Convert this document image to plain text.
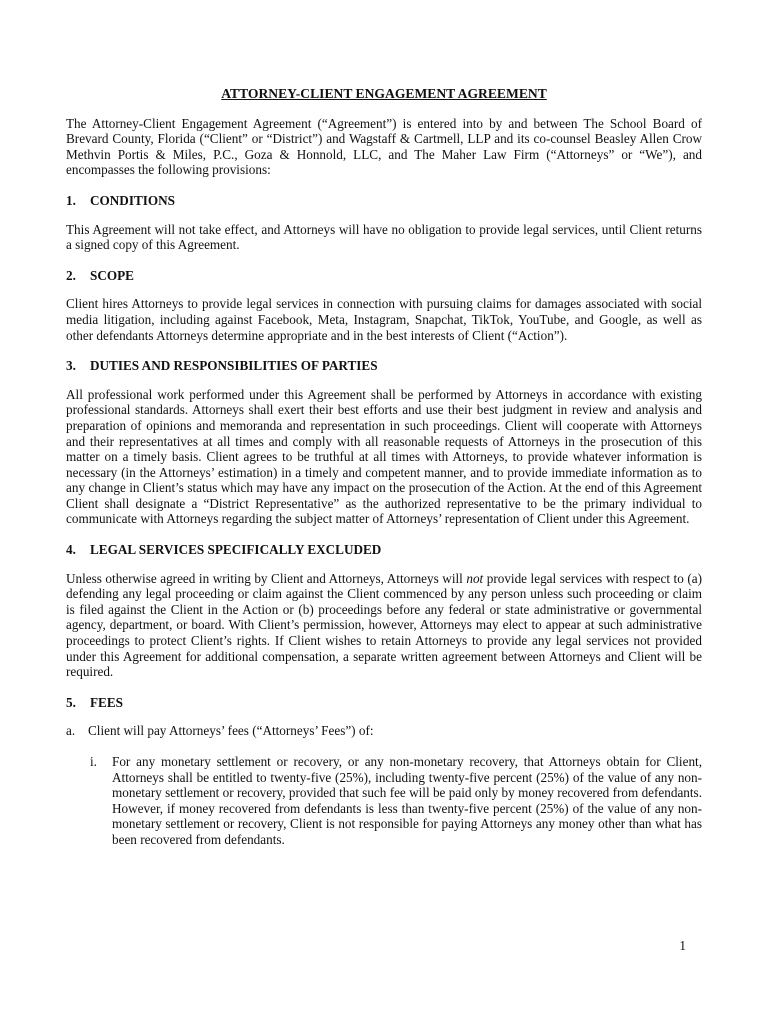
ATTORNEY-CLIENT ENGAGEMENT AGREEMENT

The Attorney-Client Engagement Agreement (“Agreement”) is entered into by and between The School Board of Brevard County, Florida (“Client” or “District”) and Wagstaff & Cartmell, LLP and its co-counsel Beasley Allen Crow Methvin Portis & Miles, P.C., Goza & Honnold, LLC, and The Maher Law Firm (“Attorneys” or “We”), and encompasses the following provisions:

1. CONDITIONS

This Agreement will not take effect, and Attorneys will have no obligation to provide legal services, until Client returns a signed copy of this Agreement.

2. SCOPE

Client hires Attorneys to provide legal services in connection with pursuing claims for damages associated with social media litigation, including against Facebook, Meta, Instagram, Snapchat, TikTok, YouTube, and Google, as well as other defendants Attorneys determine appropriate and in the best interests of Client (“Action”).

3. DUTIES AND RESPONSIBILITIES OF PARTIES

All professional work performed under this Agreement shall be performed by Attorneys in accordance with existing professional standards. Attorneys shall exert their best efforts and use their best judgment in review and analysis and preparation of opinions and memoranda and representation in such proceedings. Client will cooperate with Attorneys and their representatives at all times and comply with all reasonable requests of Attorneys in the prosecution of this matter on a timely basis. Client agrees to be truthful at all times with Attorneys, to provide whatever information is necessary (in the Attorneys’ estimation) in a timely and competent manner, and to provide immediate information as to any change in Client’s status which may have any impact on the prosecution of the Action. At the end of this Agreement Client shall designate a “District Representative” as the authorized representative to be the primary individual to communicate with Attorneys regarding the subject matter of Attorneys’ representation of Client under this Agreement.

4. LEGAL SERVICES SPECIFICALLY EXCLUDED

Unless otherwise agreed in writing by Client and Attorneys, Attorneys will not provide legal services with respect to (a) defending any legal proceeding or claim against the Client commenced by any person unless such proceeding or claim is filed against the Client in the Action or (b) proceedings before any federal or state administrative or governmental agency, department, or board. With Client’s permission, however, Attorneys may elect to appear at such administrative proceedings to protect Client’s rights. If Client wishes to retain Attorneys to provide any legal services not provided under this Agreement for additional compensation, a separate written agreement between Attorneys and Client will be required.

5. FEES
a. Client will pay Attorneys’ fees (“Attorneys’ Fees”) of:
i.	For any monetary settlement or recovery, or any non-monetary recovery, that Attorneys obtain for Client, Attorneys shall be entitled to twenty-five (25%), including twenty-five percent (25%) of the value of any non-monetary settlement or recovery, provided that such fee will be paid only by money recovered from defendants. However, if money recovered from defendants is less than twenty-five percent (25%) of the value of any non-monetary settlement or recovery, Client is not responsible for paying Attorneys any money other than what has been recovered from defendants.
1
